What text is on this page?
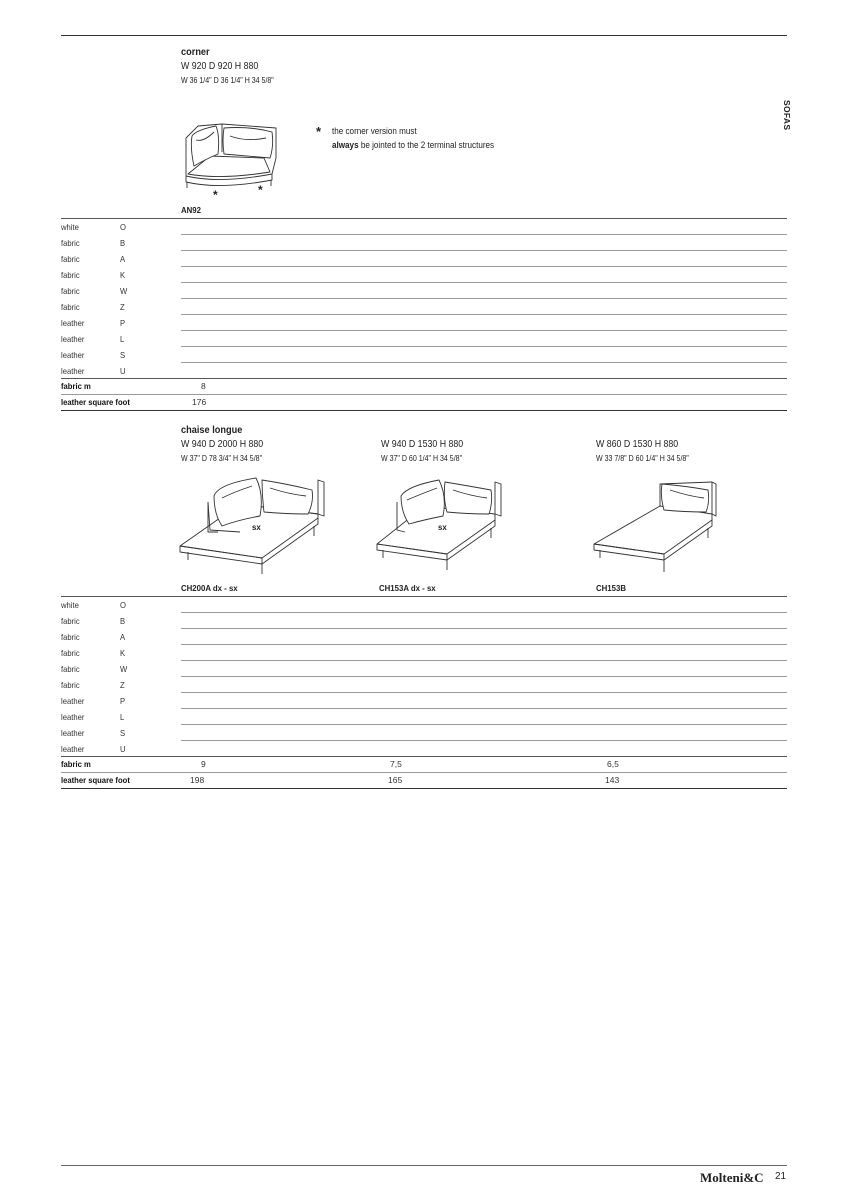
SOFAS
corner
W 920 D 920 H 880
W 36 1/4" D 36 1/4" H 34 5/8"
*	*
* the corner version must
always be jointed to the 2 terminal structures
AN92
white	O
fabric	B
fabric	A
fabric	K
fabric	W
fabric	Z
leather	P
leather	L
leather	S
leather	U
fabric m	8
leather square foot	176
chaise longue
W 940 D 2000 H 880
W 37" D 78 3/4" H 34 5/8"
W 940 D 1530 H 880
W 37" D 60 1/4" H 34 5/8"
W 860 D 1530 H 880
W 33 7/8" D 60 1/4" H 34 5/8"
sx	sx
CH200A dx - sx	CH153A dx - sx	CH153B
white	O
fabric	B
fabric	A
fabric	K
fabric	W
fabric	Z
leather	P
leather	L
leather	S
leather	U
fabric m	9	7,5	6,5
leather square foot	198	165	143
Molteni&C 21
